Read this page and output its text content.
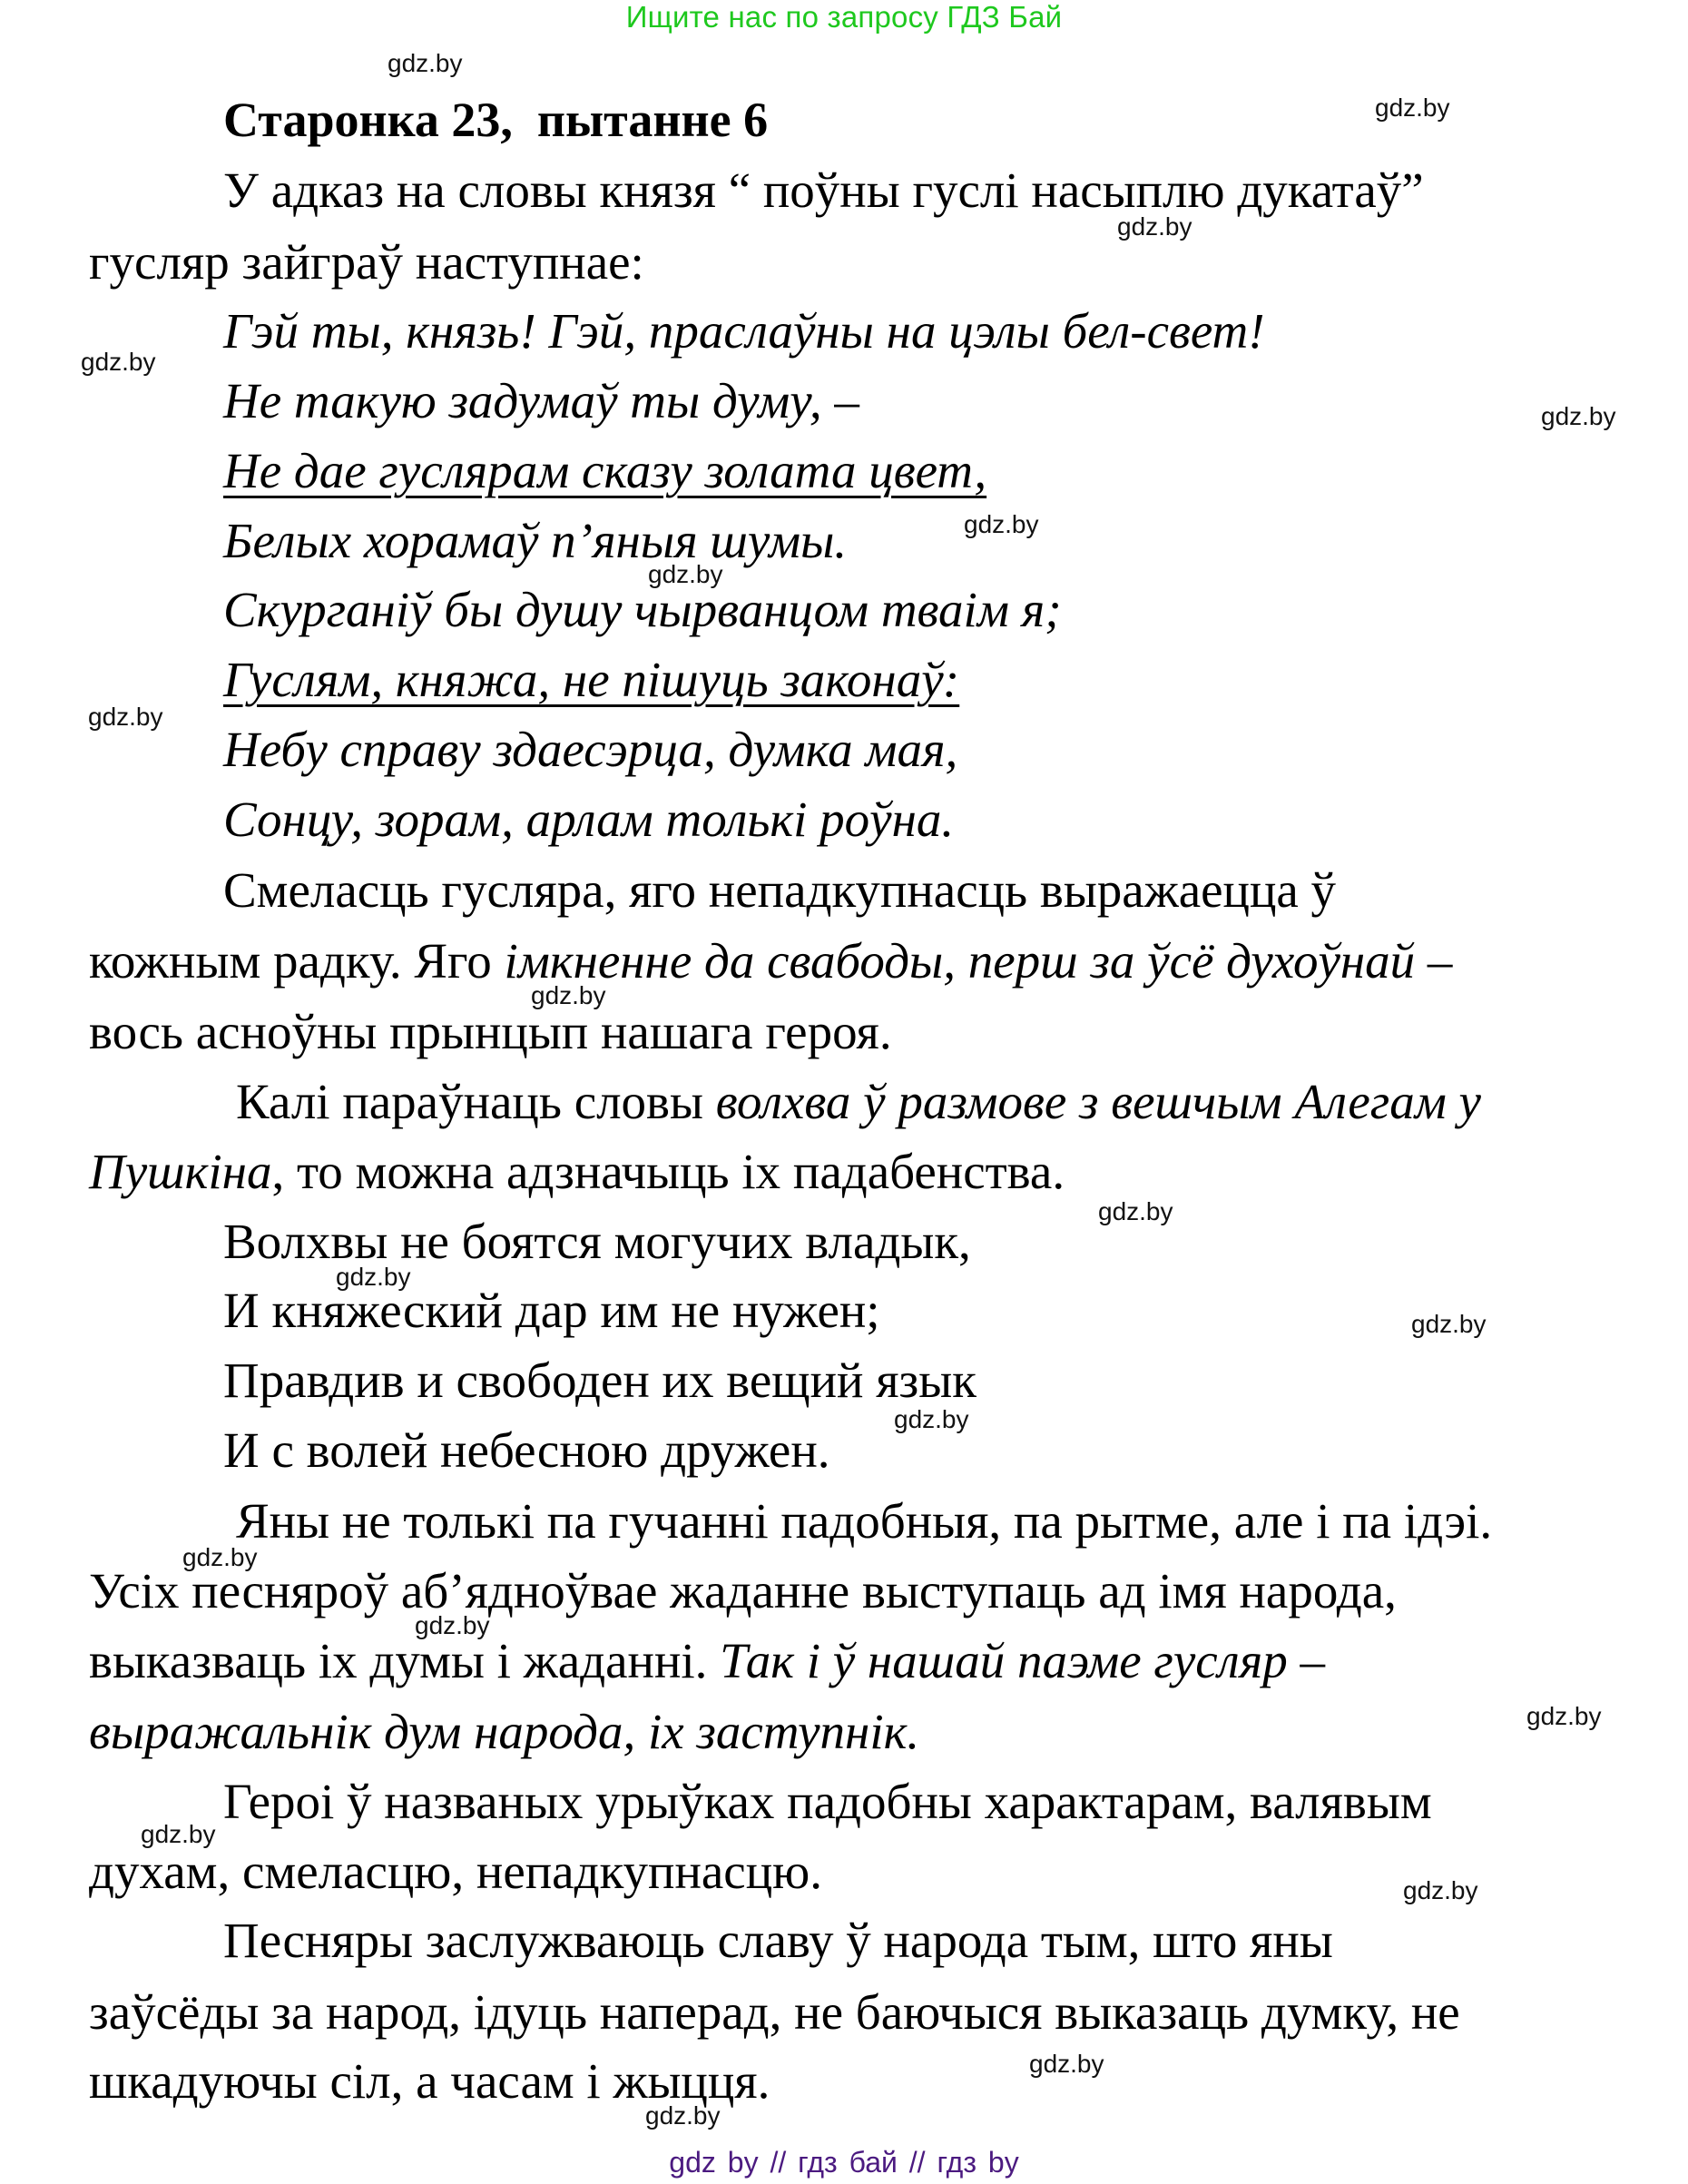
Ищите нас по запросу ГДЗ Бай
Старонка 23,  пытанне 6
У адказ на словы князя “ поўны гуслі насыплю дукатаў”
гусляр зайграў наступнае:
Гэй ты, князь! Гэй, праслаўны на цэлы бел-свет!
Не такую задумаў ты думу, –
Не дае гуслярам сказу золата цвет,
Белых хорамаў п’яныя шумы.
Скурганіў бы душу чырванцом тваім я;
Гуслям, княжа, не пішуць законаў:
Небу справу здаесэрца, думка мая,
Сонцу, зорам, арлам толькі роўна.
Смеласць гусляра, яго непадкупнасць выражаецца ў
кожным радку. Яго імкненне да свабоды, перш за ўсё духоўнай –
вось асноўны прынцып нашага героя.
Калі параўнаць словы волхва ў размове з вешчым Алегам у
Пушкіна, то можна адзначыць іх падабенства.
Волхвы не боятся могучих владык,
И княжеский дар им не нужен;
Правдив и свободен их вещий язык
И с волей небесною дружен.
Яны не толькі па гучанні падобныя, па рытме, але і па ідэі.
Усіх песняроў аб’ядноўвае жаданне выступаць ад імя народа,
выказваць іх думы і жаданні. Так і ў нашай паэме гусляр –
выражальнік дум народа, іх заступнік.
Героі ў названых урыўках падобны характарам, валявым
духам, смеласцю, непадкупнасцю.
Песняры заслужваюць славу ў народа тым, што яны
заўсёды за народ, ідуць наперад, не баючыся выказаць думку, не
шкадуючы сіл, а часам і жыцця.
gdz.by
gdz.by
gdz.by
gdz.by
gdz.by
gdz.by
gdz.by
gdz.by
gdz.by
gdz.by
gdz.by
gdz.by
gdz.by
gdz.by
gdz.by
gdz.by
gdz.by
gdz.by
gdz.by
gdz.by
gdz by // гдз бай // гдз by
